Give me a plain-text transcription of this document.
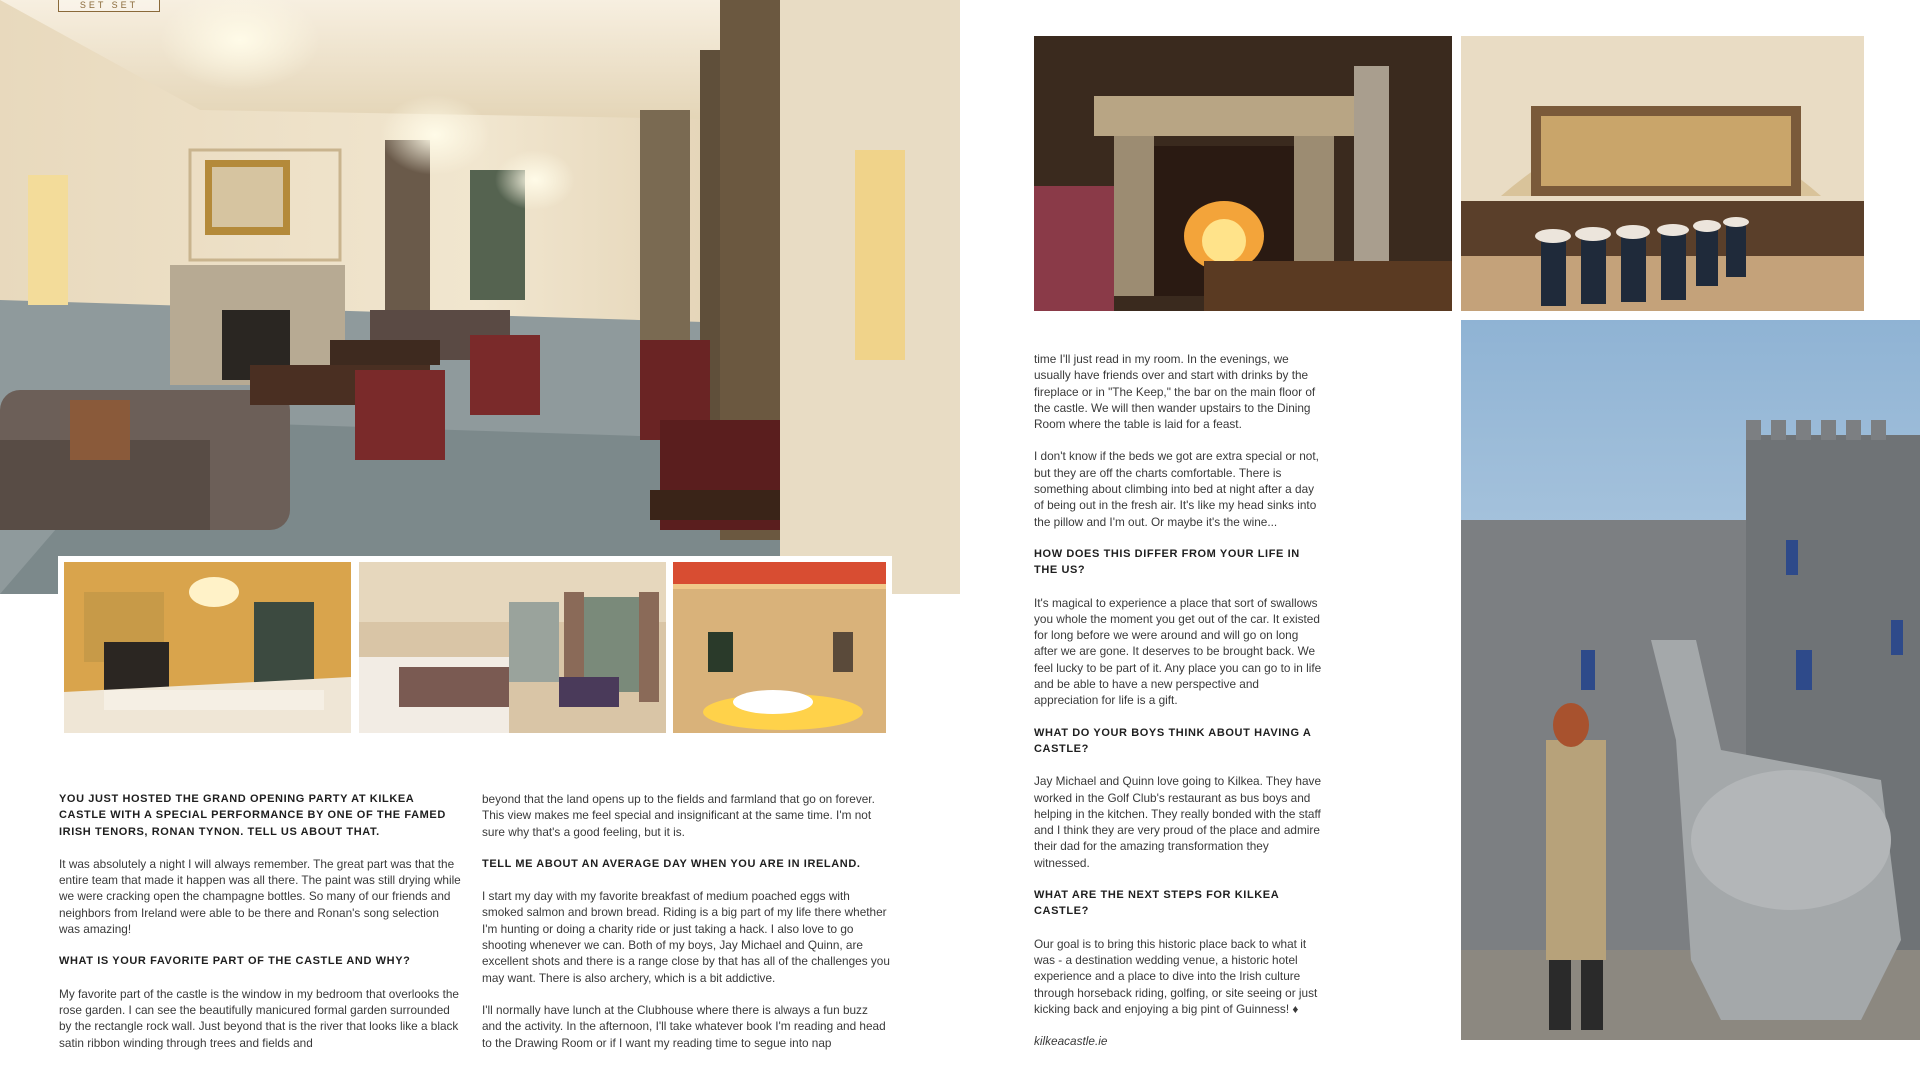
SET SET
YOU JUST HOSTED THE GRAND OPENING PARTY AT KILKEA CASTLE WITH A SPECIAL PERFORMANCE BY ONE OF THE FAMED IRISH TENORS, RONAN TYNON. TELL US ABOUT THAT.

It was absolutely a night I will always remember. The great part was that the entire team that made it happen was all there. The paint was still drying while we were cracking open the champagne bottles. So many of our friends and neighbors from Ireland were able to be there and Ronan's song selection was amazing!

WHAT IS YOUR FAVORITE PART OF THE CASTLE AND WHY?

My favorite part of the castle is the window in my bedroom that overlooks the rose garden. I can see the beautifully manicured formal garden surrounded by the rectangle rock wall. Just beyond that is the river that looks like a black satin ribbon winding through trees and fields and

beyond that the land opens up to the fields and farmland that go on forever. This view makes me feel special and insignificant at the same time. I'm not sure why that's a good feeling, but it is.

TELL ME ABOUT AN AVERAGE DAY WHEN YOU ARE IN IRELAND.

I start my day with my favorite breakfast of medium poached eggs with smoked salmon and brown bread. Riding is a big part of my life there whether I'm hunting or doing a charity ride or just taking a hack. I also love to go shooting whenever we can. Both of my boys, Jay Michael and Quinn, are excellent shots and there is a range close by that has all of the challenges you may want. There is also archery, which is a bit addictive.

I'll normally have lunch at the Clubhouse where there is always a fun buzz and the activity. In the afternoon, I'll take whatever book I'm reading and head to the Drawing Room or if I want my reading time to segue into nap

time I'll just read in my room. In the evenings, we usually have friends over and start with drinks by the fireplace or in "The Keep," the bar on the main floor of the castle. We will then wander upstairs to the Dining Room where the table is laid for a feast.

I don't know if the beds we got are extra special or not, but they are off the charts comfortable. There is something about climbing into bed at night after a day of being out in the fresh air. It's like my head sinks into the pillow and I'm out. Or maybe it's the wine...

HOW DOES THIS DIFFER FROM YOUR LIFE IN THE US?

It's magical to experience a place that sort of swallows you whole the moment you get out of the car. It existed for long before we were around and will go on long after we are gone. It deserves to be brought back. We feel lucky to be part of it. Any place you can go to in life and be able to have a new perspective and appreciation for life is a gift.

WHAT DO YOUR BOYS THINK ABOUT HAVING A CASTLE?

Jay Michael and Quinn love going to Kilkea. They have worked in the Golf Club's restaurant as bus boys and helping in the kitchen. They really bonded with the staff and I think they are very proud of the place and admire their dad for the amazing transformation they witnessed.

WHAT ARE THE NEXT STEPS FOR KILKEA CASTLE?

Our goal is to bring this historic place back to what it was - a destination wedding venue, a historic hotel experience and a place to dive into the Irish culture through horseback riding, golfing, or site seeing or just kicking back and enjoying a big pint of Guinness! ♦

kilkeacastle.ie
